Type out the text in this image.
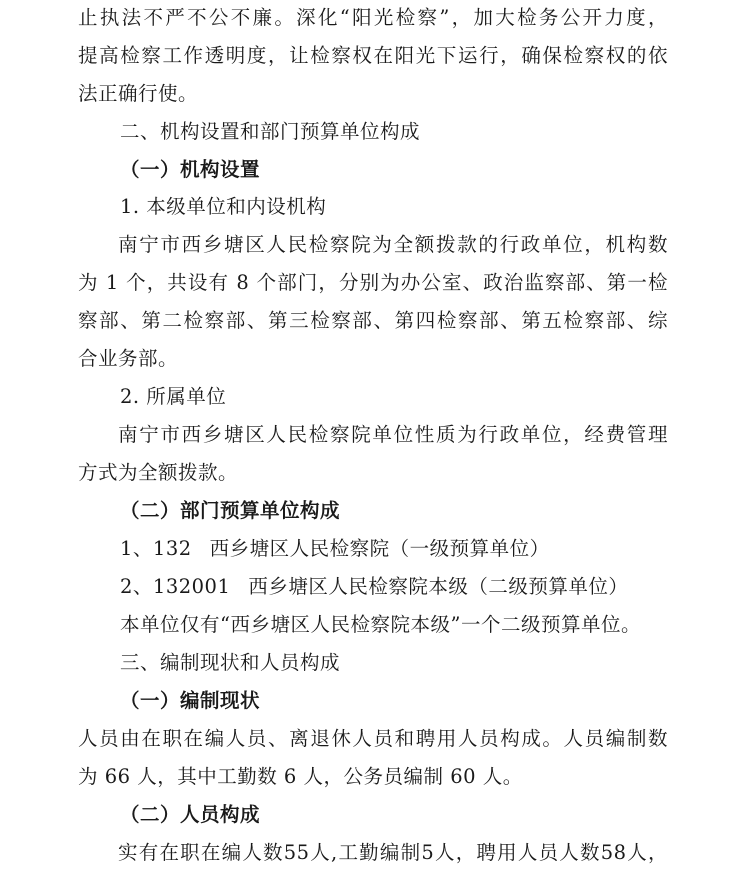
止执法不严不公不廉。深化“阳光检察”，加大检务公开力度，
提高检察工作透明度，让检察权在阳光下运行，确保检察权的依
法正确行使。
二、机构设置和部门预算单位构成
（一）机构设置
1. 本级单位和内设机构
南宁市西乡塘区人民检察院为全额拨款的行政单位，机构数
为 1 个，共设有 8 个部门，分别为办公室、政治监察部、第一检
察部、第二检察部、第三检察部、第四检察部、第五检察部、综
合业务部。
2. 所属单位
南宁市西乡塘区人民检察院单位性质为行政单位，经费管理
方式为全额拨款。
（二）部门预算单位构成
1、132 西乡塘区人民检察院（一级预算单位）
2、132001 西乡塘区人民检察院本级（二级预算单位）
本单位仅有“西乡塘区人民检察院本级”一个二级预算单位。
三、编制现状和人员构成
（一）编制现状
人员由在职在编人员、离退休人员和聘用人员构成。人员编制数
为 66 人，其中工勤数 6 人，公务员编制 60 人。
（二）人员构成
实有在职在编人数55人,工勤编制5人，聘用人员人数58人，
